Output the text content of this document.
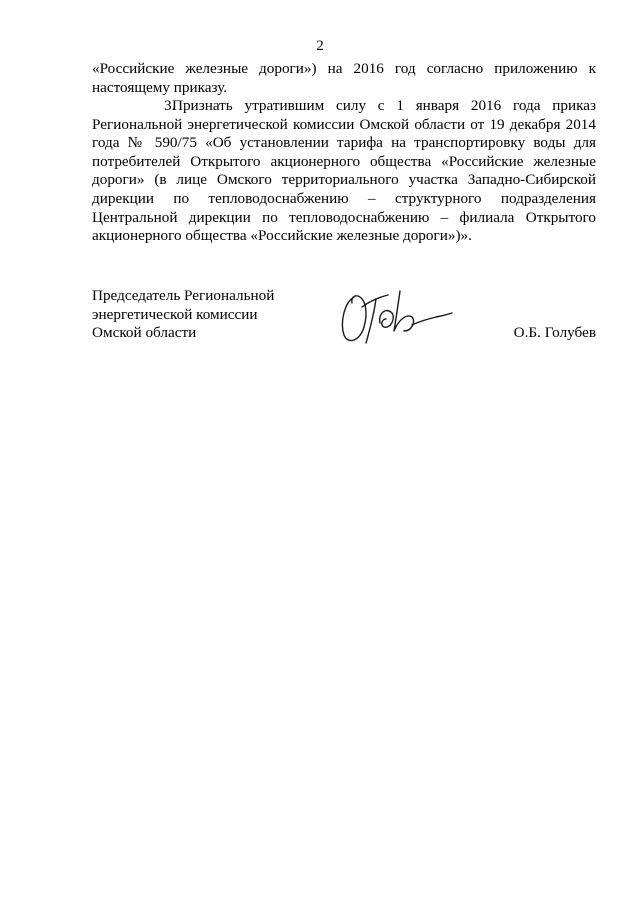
2
«Российские железные дороги») на 2016 год согласно приложению к настоящему приказу.
3.Признать утратившим силу с 1 января 2016 года приказ Региональной энергетической комиссии Омской области от 19 декабря 2014 года № 590/75 «Об установлении тарифа на транспортировку воды для потребителей Открытого акционерного общества «Российские железные дороги» (в лице Омского территориального участка Западно-Сибирской дирекции по тепловодоснабжению – структурного подразделения Центральной дирекции по тепловодоснабжению – филиала Открытого акционерного общества «Российские железные дороги»)».
Председатель Региональной
энергетической комиссии
Омской области	О.Б. Голубев
